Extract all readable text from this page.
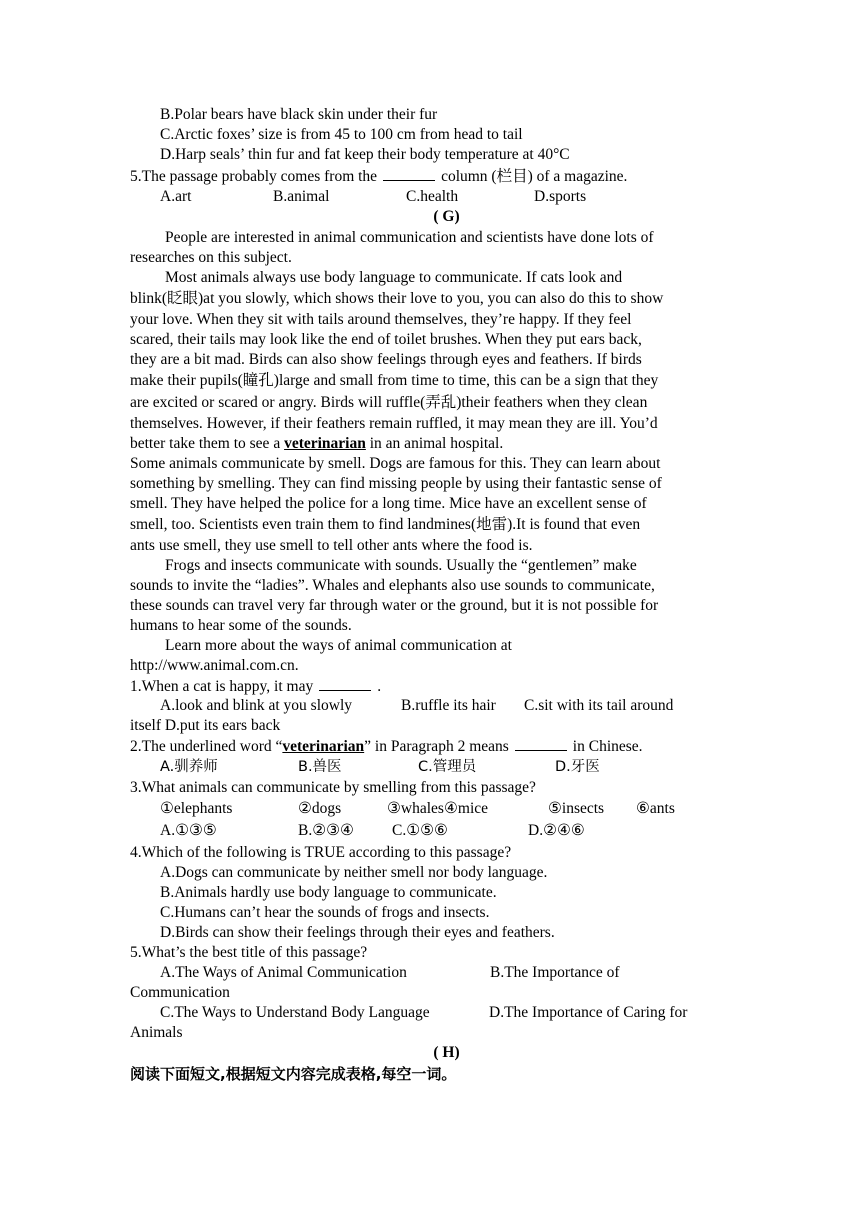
B.Polar bears have black skin under their fur
C.Arctic foxes’ size is from 45 to 100 cm from head to tail
D.Harp seals’ thin fur and fat keep their body temperature at 40°C
5.The passage probably comes from the	column (栏目) of a magazine.
A.art	B.animal	C.health	D.sports
( G)
People are interested in animal communication and scientists have done lots of
researches on this subject.
Most animals always use body language to communicate. If cats look and
blink(眨眼)at you slowly, which shows their love to you, you can also do this to show
your love. When they sit with tails around themselves, they’re happy. If they feel
scared, their tails may look like the end of toilet brushes. When they put ears back,
they are a bit mad. Birds can also show feelings through eyes and feathers. If birds
make their pupils(瞳孔)large and small from time to time, this can be a sign that they
are excited or scared or angry. Birds will ruffle(弄乱)their feathers when they clean
themselves. However, if their feathers remain ruffled, it may mean they are ill. You’d
better take them to see a veterinarian in an animal hospital.
Some animals communicate by smell. Dogs are famous for this. They can learn about
something by smelling. They can find missing people by using their fantastic sense of
smell. They have helped the police for a long time. Mice have an excellent sense of
smell, too. Scientists even train them to find landmines(地雷).It is found that even
ants use smell, they use smell to tell other ants where the food is.
Frogs and insects communicate with sounds. Usually the “gentlemen” make
sounds to invite the “ladies”. Whales and elephants also use sounds to communicate,
these sounds can travel very far through water or the ground, but it is not possible for
humans to hear some of the sounds.
Learn more about the ways of animal communication at
http://www.animal.com.cn.
1.When a cat is happy, it may	.
A.look and blink at you slowly	B.ruffle its hair C.sit with its tail around
itself D.put its ears back
2.The underlined word “veterinarian” in Paragraph 2 means	in Chinese.
A.驯养师	B.兽医	C.管理员	D.牙医
3.What animals can communicate by smelling from this passage?
①elephants	②dogs	③whales ④mice	⑤insects ⑥ants
A.①③⑤	B.②③④ C.①⑤⑥	D.②④⑥
4.Which of the following is TRUE according to this passage?
A.Dogs can communicate by neither smell nor body language.
B.Animals hardly use body language to communicate.
C.Humans can’t hear the sounds of frogs and insects.
D.Birds can show their feelings through their eyes and feathers.
5.What’s the best title of this passage?
A.The Ways of Animal Communication	B.The Importance of
Communication
C.The Ways to Understand Body Language	D.The Importance of Caring for
Animals
( H)
阅读下面短文,根据短文内容完成表格,每空一词。
